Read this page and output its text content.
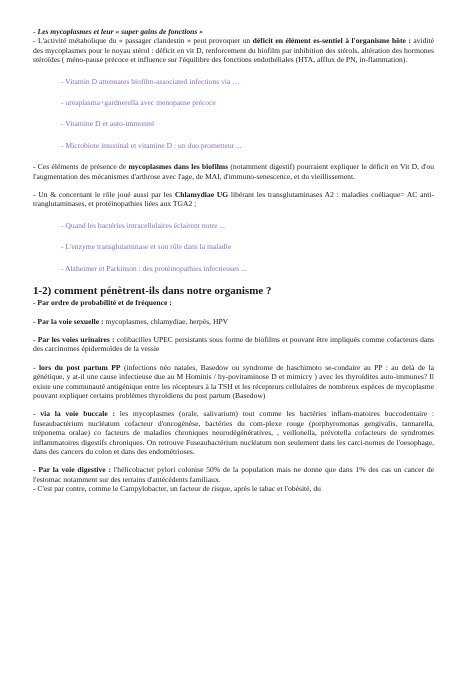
- Les mycoplasmes et leur « super gains de fonctions »

- L'activité métabolique du « passager clandestin » peut provoquer un déficit en élément es-sentiel à l'organisme hôte : avidité des mycoplasmes pour le noyau stérol : déficit en vit D, renforcement du biofilm par inhibition des stérols, altération des hormones stéroïdes ( méno-pause précoce et influence sur l'équilibre des fonctions endothéliales (HTA, afflux de PN, in-flammation).

- Vitamin D attenuates biofilm-associated infections via …

- ureaplasma+gardnerella avec menopause précoce

- Vitamine D et auto-immunité

- Microbiote intestinal et vitamine D : un duo prometteur ...

- Ces éléments de présence de mycoplasmes dans les biofilms (notamment digestif) pourraient expliquer le déficit en Vit D, d'ou l'augmentation des mécanismes d'arthrose avec l'age, de MAI, d'immuno-senescence, et du vieillissement.

- Un & concernant le rôle joué aussi par les Chlamydiae UG libérant les transglutaminases A2 : maladies coéliaque= AC anti-tranglutaminases, et protéinopathies liées aux TGA2 ;

- Quand les bactéries intracellulaires éclairent notre ...

- L'enzyme transglutaminase et son rôle dans la maladie

- Alzheimer et Parkinson : des protéinopathies infectieuses ...

1-2) comment pénètrent-ils dans notre organisme ?

- Par ordre de probabilité et de fréquence :

- Par la voie sexuelle : mycoplasmes, chlamydiae, herpès, HPV

- Par les voies urinaires : colibacilles UPEC persistants sous forme de biofilms et pouvant être impliqués comme cofacteurs dans des carcinomes épidermoïdes de la vessie

- lors du post partum PP (infections néo natales, Basedow ou syndrome de haschimoto se-condaire au PP : au delà de la génétique, y at-il une cause infectieuse due au M Hominis / hy-povitaminose D et mimicry ) avec les thyroïdites auto-immunes? Il existe une communauté antigénique entre les récepteurs à la TSH et les récepteurs cellulaires de nombreux espèces de mycoplasme pouvant expliquer certains problèmes thyroïdiens du post partum (Basedow)

- via la voie buccale : les mycoplasmes (orale, salivarium) tout comme les bactéries inflam-matoires buccodentaire : fuseaubactérium nucléatum cofacteur d'oncogènèse, bactéries du com-plexe rouge (porphyromonas gengivalis, tannarella, tréponema oralae) co facteurs de maladies chroniques neurodégénératives, , veillonella, prévotella cofacteurs de syndromes inflammatoires digestifs chroniques. On retrouve Fuseaubactérium nucléatum non seulement dans les carci-nomes de l'oesophage, dans des cancers du colon et dans des endométrioses.

- Par la voie digestive : l'hélicobacter pylori colonise 50% de la population mais ne donne que dans 1% des cas un cancer de l'estomac notamment sur des terrains d'antécédents familiaux.

- C'est par contre, comme le Campylobacter, un facteur de risque, après le tabac et l'obésité, du
